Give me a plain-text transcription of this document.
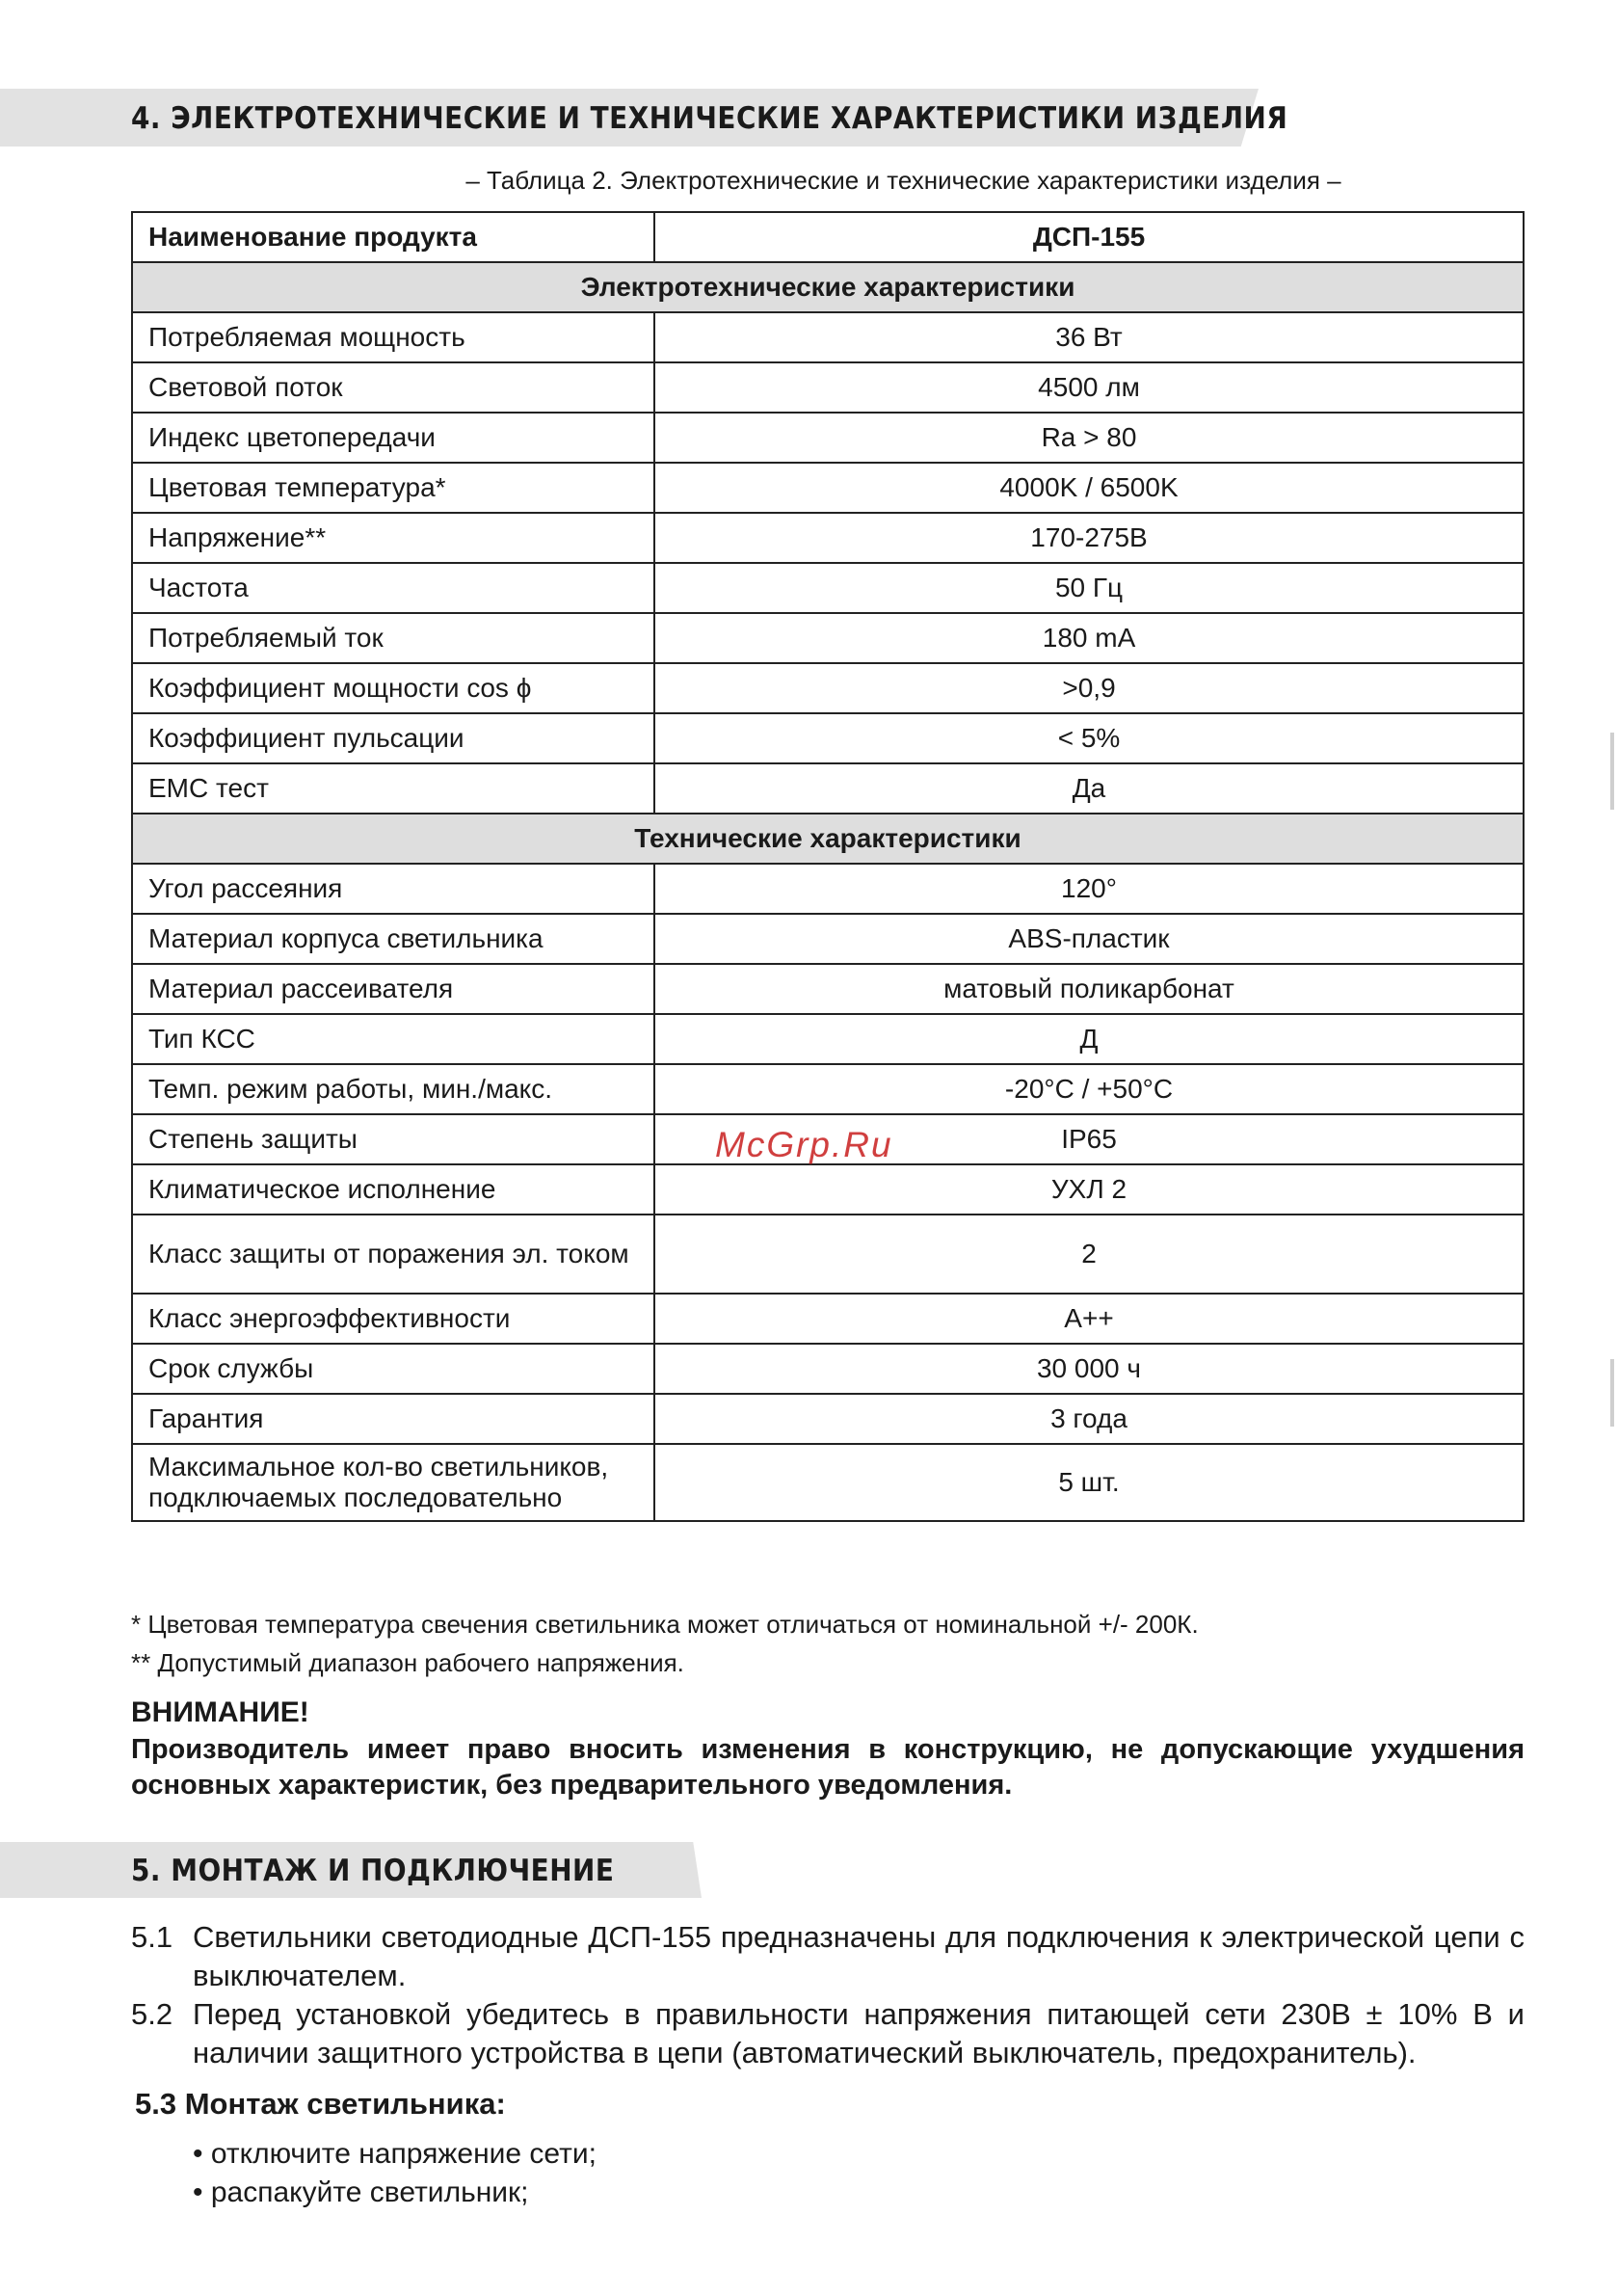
4. ЭЛЕКТРОТЕХНИЧЕСКИЕ И ТЕХНИЧЕСКИЕ ХАРАКТЕРИСТИКИ ИЗДЕЛИЯ
– Таблица 2. Электротехнические и технические характеристики изделия –
Наименование продукта	ДСП-155
Электротехнические характеристики	
Потребляемая мощность	36 Вт
Световой поток	4500 лм
Индекс цветопередачи	Ra > 80
Цветовая температура*	4000K / 6500K
Напряжение**	170-275В
Частота	50 Гц
Потребляемый ток	180 mA
Коэффициент мощности cos ϕ	>0,9
Коэффициент пульсации	< 5%
EMC тест	Да
Технические характеристики	
Угол рассеяния	120°
Материал корпуса светильника	ABS-пластик
Материал рассеивателя	матовый поликарбонат
Тип КСС	Д
Темп. режим работы, мин./макс.	-20°C / +50°C
Степень защиты	IP65
Климатическое исполнение	УХЛ 2
Класс защиты от поражения эл. током	2
Класс энергоэффективности	A++
Срок службы	30 000 ч
Гарантия	3 года

Максимальное кол-во светильников,
подключаемых последовательно	5 шт.
McGrp.Ru
* Цветовая температура свечения светильника может отличаться от номинальной +/- 200К.
** Допустимый диапазон рабочего напряжения.
ВНИМАНИЕ!
Производитель имеет право вносить изменения в конструкцию, не допускающие ухудшения основных характеристик, без предварительного уведомления.
5. МОНТАЖ И ПОДКЛЮЧЕНИЕ
5.1 Светильники светодиодные ДСП-155 предназначены для подключения к электрической цепи с выключателем.
5.2 Перед установкой убедитесь в правильности напряжения питающей сети 230В ± 10% В и наличии защитного устройства в цепи (автоматический выключатель, предохранитель).
5.3 Монтаж светильника:
• отключите напряжение сети;
• распакуйте светильник;
